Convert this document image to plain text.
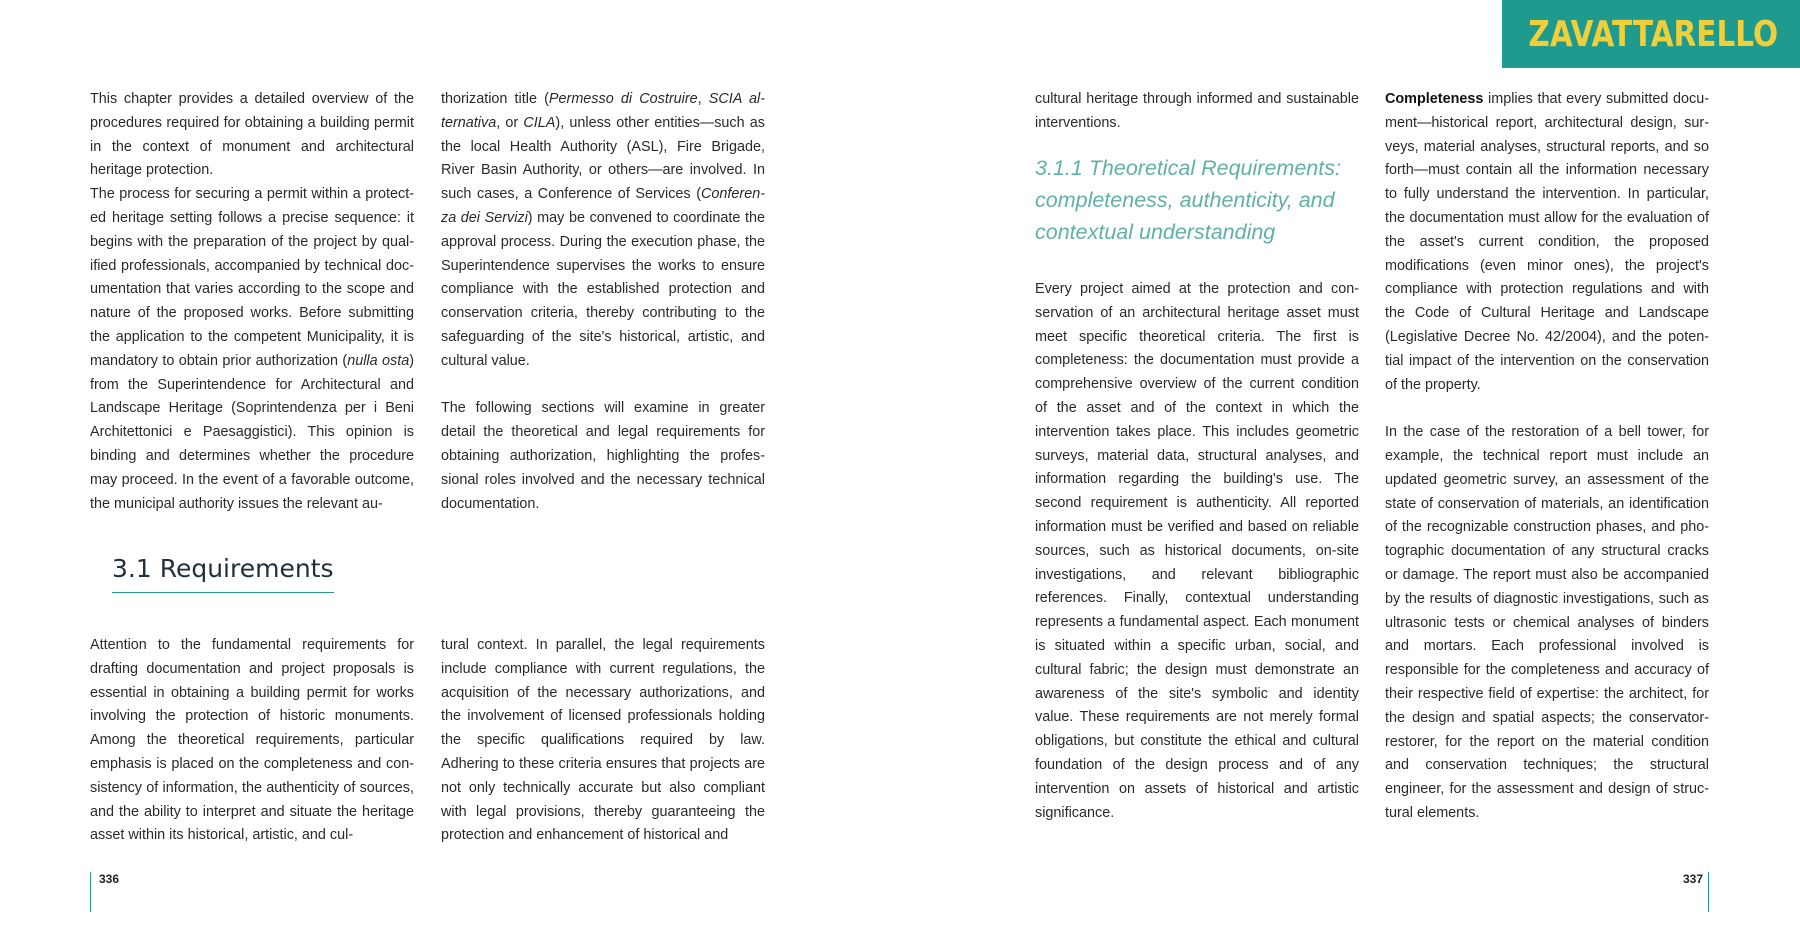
ZAVATTARELLO

This chapter provides a detailed overview of the procedures required for obtaining a building permit in the context of monument and architectural heritage protection.

The process for securing a permit within a protected heritage setting follows a precise sequence: it begins with the preparation of the project by qualified professionals, accompanied by technical documentation that varies according to the scope and nature of the proposed works. Before submitting the application to the competent Municipality, it is mandatory to obtain prior authorization (nulla osta) from the Superintendence for Architectural and Landscape Heritage (Soprintendenza per i Beni Architettonici e Paesaggistici). This opinion is binding and determines whether the procedure may proceed. In the event of a favorable outcome, the municipal authority issues the relevant au-

thorization title (Permesso di Costruire, SCIA alternativa, or CILA), unless other entities—such as the local Health Authority (ASL), Fire Brigade, River Basin Authority, or others—are involved. In such cases, a Conference of Services (Conferenza dei Servizi) may be convened to coordinate the approval process. During the execution phase, the Superintendence supervises the works to ensure compliance with the established protection and conservation criteria, thereby contributing to the safeguarding of the site's historical, artistic, and cultural value.

The following sections will examine in greater detail the theoretical and legal requirements for obtaining authorization, highlighting the professional roles involved and the necessary technical documentation.

3.1 Requirements

Attention to the fundamental requirements for drafting documentation and project proposals is essential in obtaining a building permit for works involving the protection of historic monuments. Among the theoretical requirements, particular emphasis is placed on the completeness and consistency of information, the authenticity of sources, and the ability to interpret and situate the heritage asset within its historical, artistic, and cul-

tural context. In parallel, the legal requirements include compliance with current regulations, the acquisition of the necessary authorizations, and the involvement of licensed professionals holding the specific qualifications required by law. Adhering to these criteria ensures that projects are not only technically accurate but also compliant with legal provisions, thereby guaranteeing the protection and enhancement of historical and

336

cultural heritage through informed and sustainable interventions.

3.1.1 Theoretical Requirements: completeness, authenticity, and contextual understanding

Every project aimed at the protection and conservation of an architectural heritage asset must meet specific theoretical criteria. The first is completeness: the documentation must provide a comprehensive overview of the current condition of the asset and of the context in which the intervention takes place. This includes geometric surveys, material data, structural analyses, and information regarding the building's use. The second requirement is authenticity. All reported information must be verified and based on reliable sources, such as historical documents, on-site investigations, and relevant bibliographic references. Finally, contextual understanding represents a fundamental aspect. Each monument is situated within a specific urban, social, and cultural fabric; the design must demonstrate an awareness of the site's symbolic and identity value. These requirements are not merely formal obligations, but constitute the ethical and cultural foundation of the design process and of any intervention on assets of historical and artistic significance.

Completeness implies that every submitted document—historical report, architectural design, surveys, material analyses, structural reports, and so forth—must contain all the information necessary to fully understand the intervention. In particular, the documentation must allow for the evaluation of the asset's current condition, the proposed modifications (even minor ones), the project's compliance with protection regulations and with the Code of Cultural Heritage and Landscape (Legislative Decree No. 42/2004), and the potential impact of the intervention on the conservation of the property.

In the case of the restoration of a bell tower, for example, the technical report must include an updated geometric survey, an assessment of the state of conservation of materials, an identification of the recognizable construction phases, and photographic documentation of any structural cracks or damage. The report must also be accompanied by the results of diagnostic investigations, such as ultrasonic tests or chemical analyses of binders and mortars. Each professional involved is responsible for the completeness and accuracy of their respective field of expertise: the architect, for the design and spatial aspects; the conservator-restorer, for the report on the material condition and conservation techniques; the structural engineer, for the assessment and design of structural elements.

337
